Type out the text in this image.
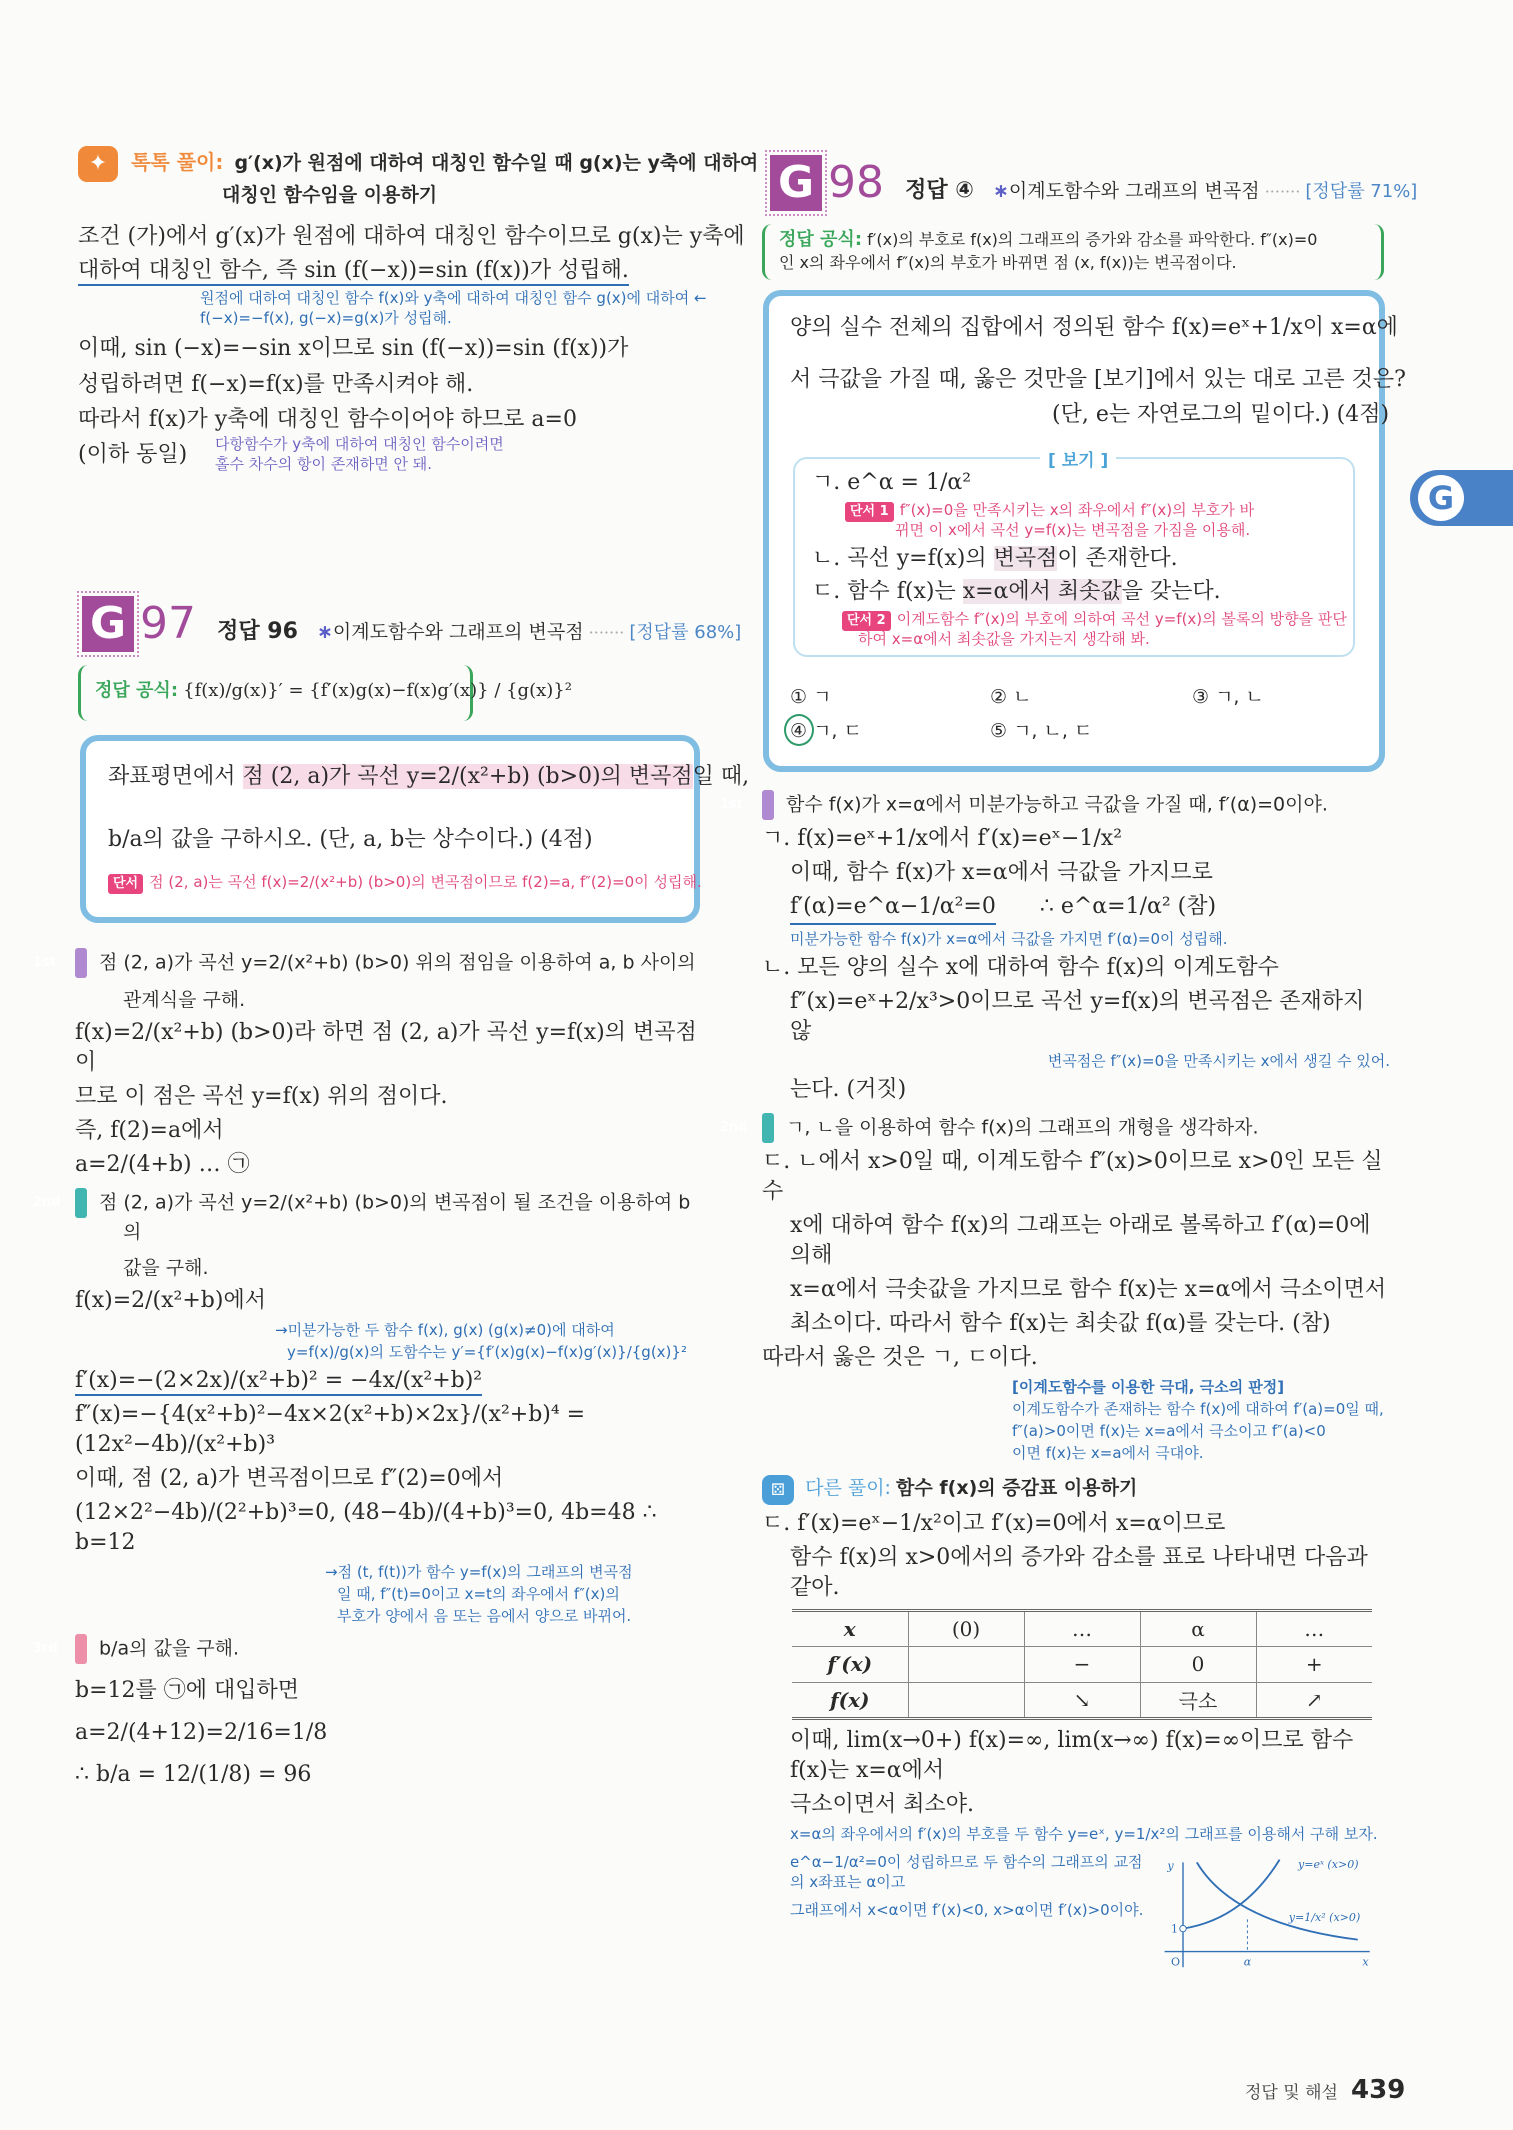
✦ 톡톡 풀이: g′(x)가 원점에 대하여 대칭인 함수일 때 g(x)는 y축에 대하여
대칭인 함수임을 이용하기
조건 (가)에서 g′(x)가 원점에 대하여 대칭인 함수이므로 g(x)는 y축에
대하여 대칭인 함수, 즉 sin (f(−x))=sin (f(x))가 성립해.
원점에 대하여 대칭인 함수 f(x)와 y축에 대하여 대칭인 함수 g(x)에 대하여 ←
f(−x)=−f(x), g(−x)=g(x)가 성립해.
이때, sin (−x)=−sin x이므로 sin (f(−x))=sin (f(x))가
성립하려면 f(−x)=f(x)를 만족시켜야 해.
따라서 f(x)가 y축에 대칭인 함수이어야 하므로 a=0
(이하 동일) 다항함수가 y축에 대하여 대칭인 함수이려면
홀수 차수의 항이 존재하면 안 돼.
G 97 정답 96 ∗이계도함수와 그래프의 변곡점 ······· [정답률 68%]
정답 공식: {f(x)/g(x)}′ = {f′(x)g(x)−f(x)g′(x)} / {g(x)}²
좌표평면에서 점 (2, a)가 곡선 y=2/(x²+b) (b>0)의 변곡점일 때,
b/a의 값을 구하시오. (단, a, b는 상수이다.) (4점)
단서 점 (2, a)는 곡선 f(x)=2/(x²+b) (b>0)의 변곡점이므로 f(2)=a, f″(2)=0이 성립해.
1st 점 (2, a)가 곡선 y=2/(x²+b) (b>0) 위의 점임을 이용하여 a, b 사이의
관계식을 구해.
f(x)=2/(x²+b) (b>0)라 하면 점 (2, a)가 곡선 y=f(x)의 변곡점이
므로 이 점은 곡선 y=f(x) 위의 점이다.
즉, f(2)=a에서
a=2/(4+b) … ㉠
2nd 점 (2, a)가 곡선 y=2/(x²+b) (b>0)의 변곡점이 될 조건을 이용하여 b의
값을 구해.
f(x)=2/(x²+b)에서
→미분가능한 두 함수 f(x), g(x) (g(x)≠0)에 대하여
y=f(x)/g(x)의 도함수는 y′={f′(x)g(x)−f(x)g′(x)}/{g(x)}²
f′(x)=−(2×2x)/(x²+b)² = −4x/(x²+b)²
f″(x)=−{4(x²+b)²−4x×2(x²+b)×2x}/(x²+b)⁴ = (12x²−4b)/(x²+b)³
이때, 점 (2, a)가 변곡점이므로 f″(2)=0에서
(12×2²−4b)/(2²+b)³=0, (48−4b)/(4+b)³=0, 4b=48 ∴ b=12
→점 (t, f(t))가 함수 y=f(x)의 그래프의 변곡점
일 때, f″(t)=0이고 x=t의 좌우에서 f″(x)의
부호가 양에서 음 또는 음에서 양으로 바뀌어.
3rd b/a의 값을 구해.
b=12를 ㉠에 대입하면
a=2/(4+12)=2/16=1/8
∴ b/a = 12/(1/8) = 96
G 98 정답 ④ ∗이계도함수와 그래프의 변곡점 ······· [정답률 71%]
정답 공식: f′(x)의 부호로 f(x)의 그래프의 증가와 감소를 파악한다. f″(x)=0
인 x의 좌우에서 f″(x)의 부호가 바뀌면 점 (x, f(x))는 변곡점이다.
양의 실수 전체의 집합에서 정의된 함수 f(x)=eˣ+1/x이 x=α에
서 극값을 가질 때, 옳은 것만을 [보기]에서 있는 대로 고른 것은?
(단, e는 자연로그의 밑이다.) (4점)
[ 보기 ]
ㄱ. e^α = 1/α²
단서 1 f″(x)=0을 만족시키는 x의 좌우에서 f″(x)의 부호가 바
뀌면 이 x에서 곡선 y=f(x)는 변곡점을 가짐을 이용해.
ㄴ. 곡선 y=f(x)의 변곡점이 존재한다.
ㄷ. 함수 f(x)는 x=α에서 최솟값을 갖는다.
단서 2 이계도함수 f″(x)의 부호에 의하여 곡선 y=f(x)의 볼록의 방향을 판단
하여 x=α에서 최솟값을 가지는지 생각해 봐.
① ㄱ	② ㄴ	③ ㄱ, ㄴ
④ ㄱ, ㄷ	⑤ ㄱ, ㄴ, ㄷ
1st 함수 f(x)가 x=α에서 미분가능하고 극값을 가질 때, f′(α)=0이야.
ㄱ. f(x)=eˣ+1/x에서 f′(x)=eˣ−1/x²
이때, 함수 f(x)가 x=α에서 극값을 가지므로
f′(α)=e^α−1/α²=0 ∴ e^α=1/α² (참)
미분가능한 함수 f(x)가 x=α에서 극값을 가지면 f′(α)=0이 성립해.
ㄴ. 모든 양의 실수 x에 대하여 함수 f(x)의 이계도함수
f″(x)=eˣ+2/x³>0이므로 곡선 y=f(x)의 변곡점은 존재하지 않
변곡점은 f″(x)=0을 만족시키는 x에서 생길 수 있어.
는다. (거짓)
2nd ㄱ, ㄴ을 이용하여 함수 f(x)의 그래프의 개형을 생각하자.
ㄷ. ㄴ에서 x>0일 때, 이계도함수 f″(x)>0이므로 x>0인 모든 실수
x에 대하여 함수 f(x)의 그래프는 아래로 볼록하고 f′(α)=0에 의해
x=α에서 극솟값을 가지므로 함수 f(x)는 x=α에서 극소이면서
최소이다. 따라서 함수 f(x)는 최솟값 f(α)를 갖는다. (참)
따라서 옳은 것은 ㄱ, ㄷ이다.
[이계도함수를 이용한 극대, 극소의 판정]
이계도함수가 존재하는 함수 f(x)에 대하여 f′(a)=0일 때,
f″(a)>0이면 f(x)는 x=a에서 극소이고 f″(a)<0
이면 f(x)는 x=a에서 극대야.
⚄ 다른 풀이: 함수 f(x)의 증감표 이용하기
ㄷ. f′(x)=eˣ−1/x²이고 f′(x)=0에서 x=α이므로
함수 f(x)의 x>0에서의 증가와 감소를 표로 나타내면 다음과 같아.
x	(0)	…	α	…
f′(x)		−	0	+
f(x)		↘	극소	↗
이때, lim(x→0+) f(x)=∞, lim(x→∞) f(x)=∞이므로 함수 f(x)는 x=α에서
극소이면서 최소야.
x=α의 좌우에서의 f′(x)의 부호를 두 함수 y=eˣ, y=1/x²의 그래프를 이용해서 구해 보자.
e^α−1/α²=0이 성립하므로 두 함수의 그래프의 교점의 x좌표는 α이고
그래프에서 x<α이면 f′(x)<0, x>α이면 f′(x)>0이야.
y
x
O
1
α
y=eˣ (x>0)
y=1/x² (x>0)
G
정답 및 해설 439
